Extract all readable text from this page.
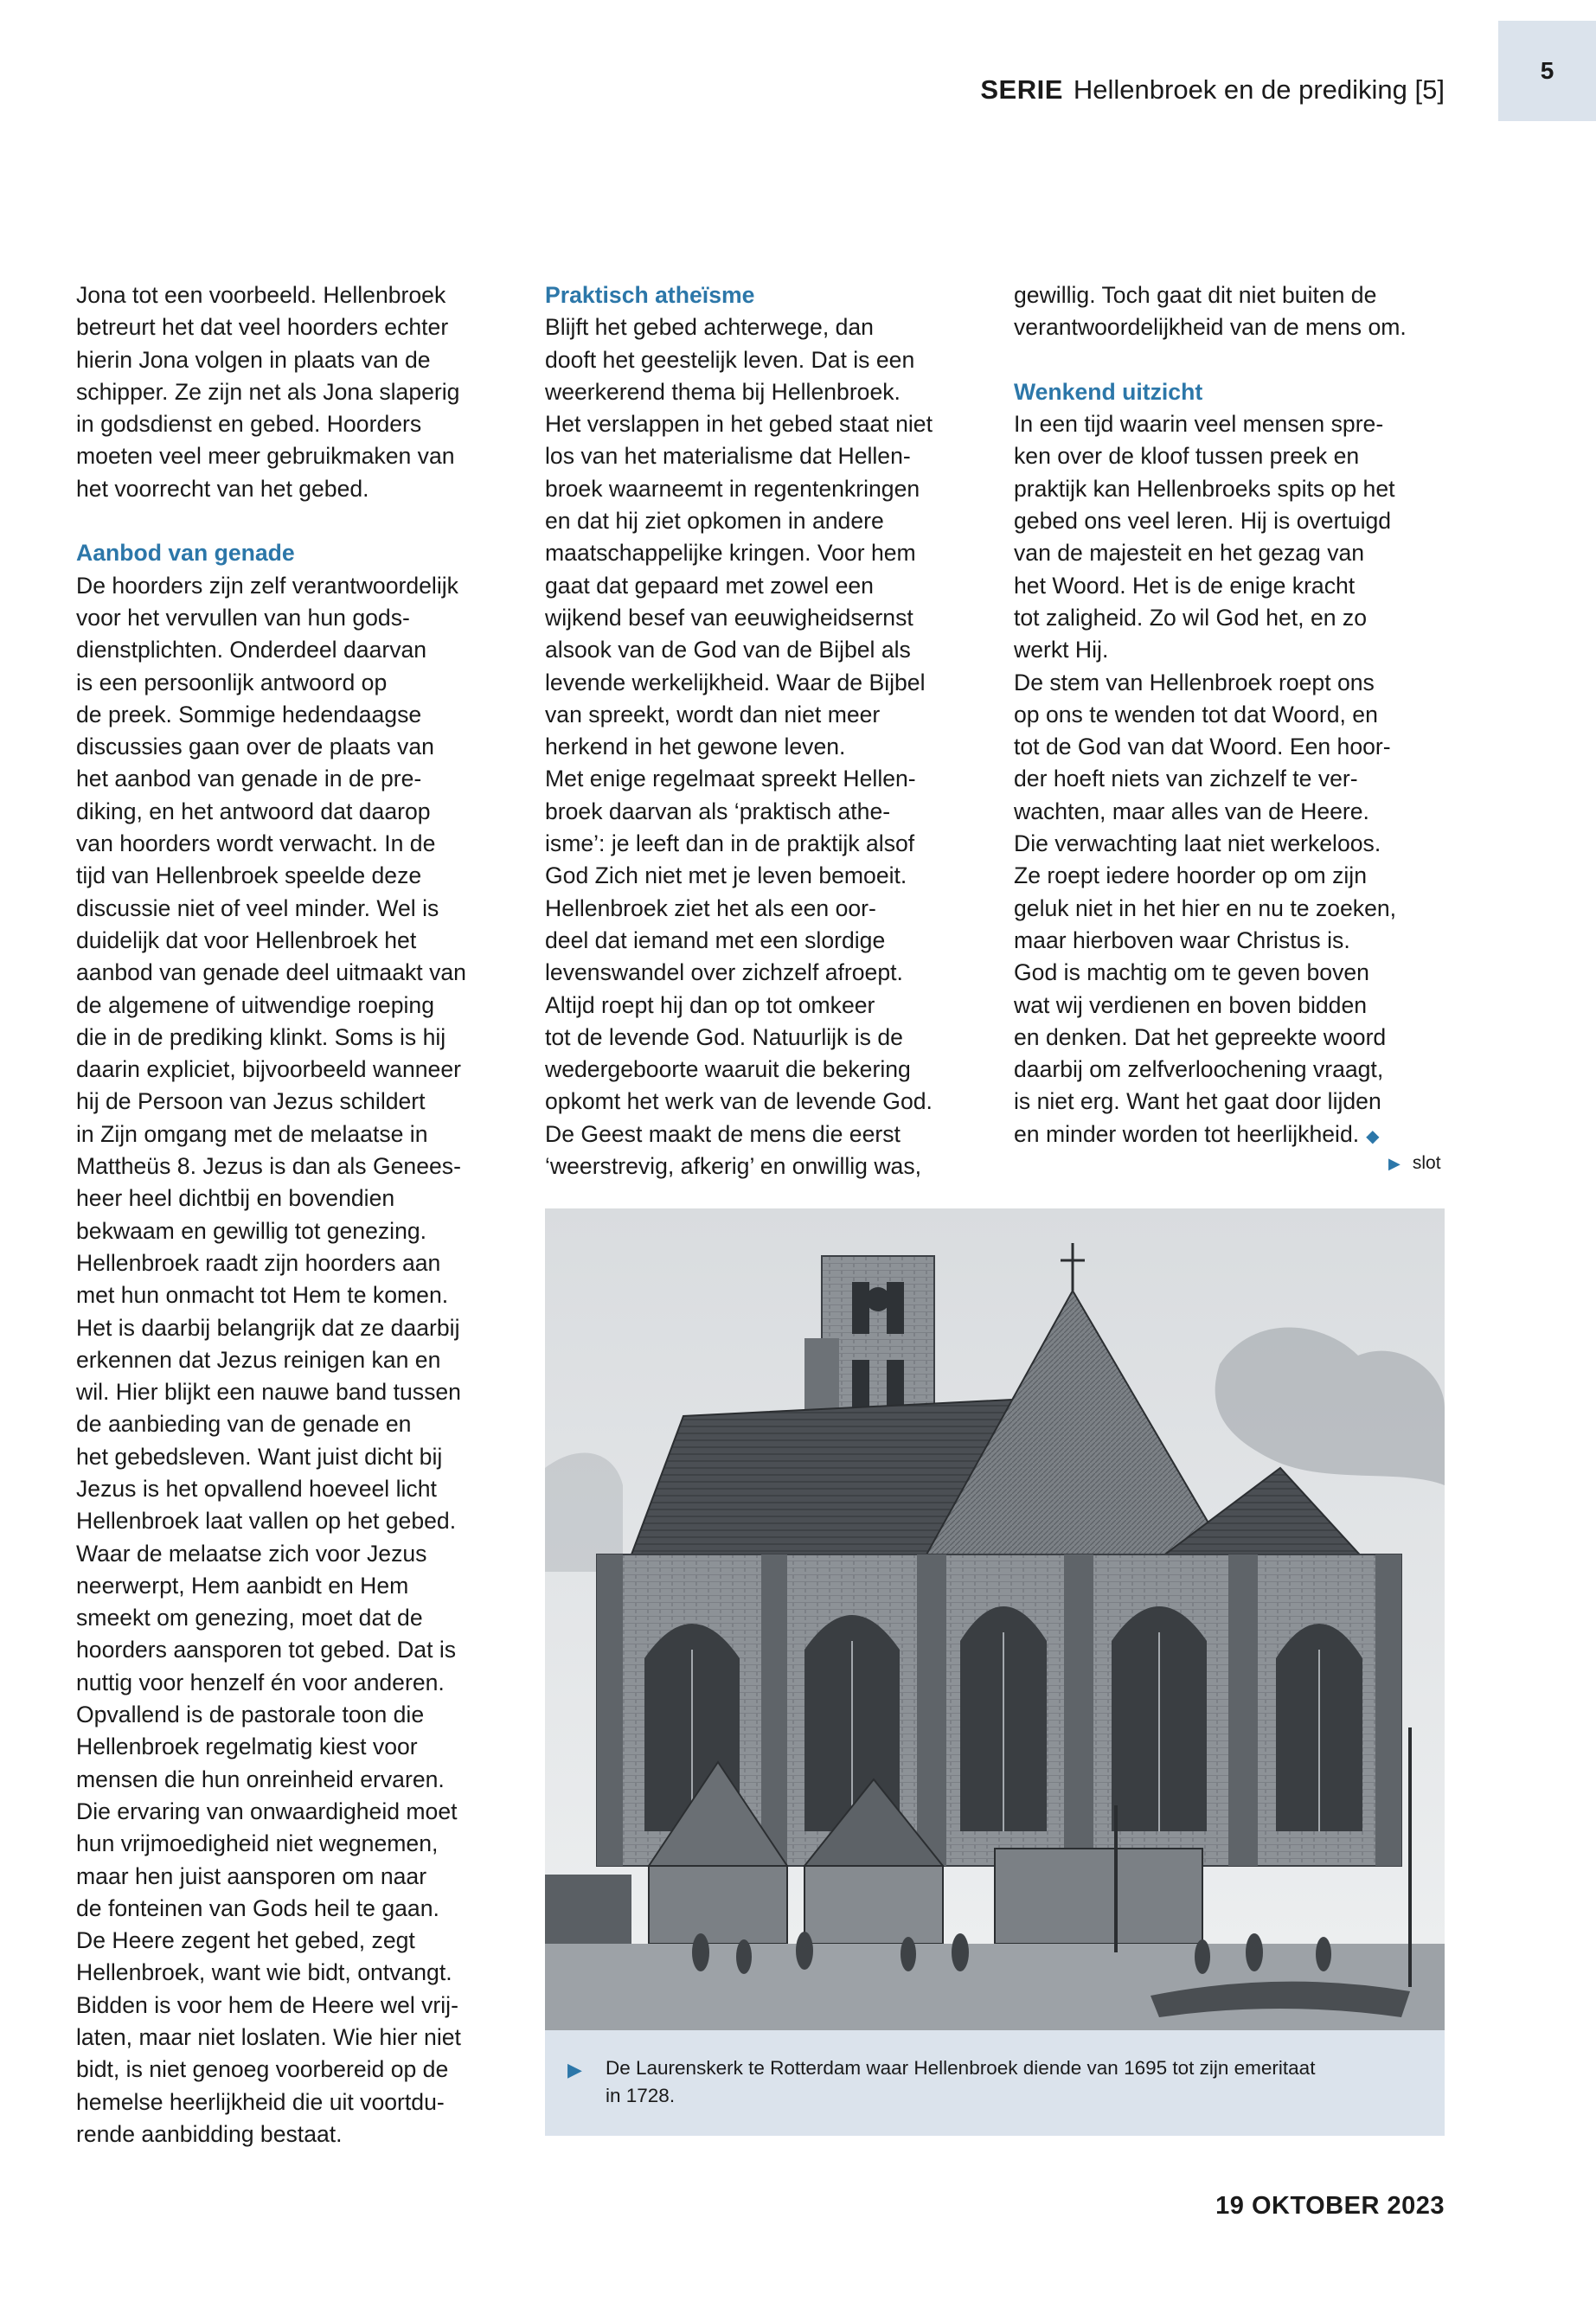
5
SERIE Hellenbroek en de prediking [5]
Jona tot een voorbeeld. Hellenbroek
betreurt het dat veel hoorders echter
hierin Jona volgen in plaats van de
schipper. Ze zijn net als Jona slaperig
in godsdienst en gebed. Hoorders
moeten veel meer gebruikmaken van
het voorrecht van het gebed.
Aanbod van genade
De hoorders zijn zelf verantwoordelijk
voor het vervullen van hun gods-
dienstplichten. Onderdeel daarvan
is een persoonlijk antwoord op
de preek. Sommige hedendaagse
discussies gaan over de plaats van
het aanbod van genade in de pre-
diking, en het antwoord dat daarop
van hoorders wordt verwacht. In de
tijd van Hellenbroek speelde deze
discussie niet of veel minder. Wel is
duidelijk dat voor Hellenbroek het
aanbod van genade deel uitmaakt van
de algemene of uitwendige roeping
die in de prediking klinkt. Soms is hij
daarin expliciet, bijvoorbeeld wanneer
hij de Persoon van Jezus schildert
in Zijn omgang met de melaatse in
Mattheüs 8. Jezus is dan als Genees-
heer heel dichtbij en bovendien
bekwaam en gewillig tot genezing.
Hellenbroek raadt zijn hoorders aan
met hun onmacht tot Hem te komen.
Het is daarbij belangrijk dat ze daarbij
erkennen dat Jezus reinigen kan en
wil. Hier blijkt een nauwe band tussen
de aanbieding van de genade en
het gebedsleven. Want juist dicht bij
Jezus is het opvallend hoeveel licht
Hellenbroek laat vallen op het gebed.
Waar de melaatse zich voor Jezus
neerwerpt, Hem aanbidt en Hem
smeekt om genezing, moet dat de
hoorders aansporen tot gebed. Dat is
nuttig voor henzelf én voor anderen.
Opvallend is de pastorale toon die
Hellenbroek regelmatig kiest voor
mensen die hun onreinheid ervaren.
Die ervaring van onwaardigheid moet
hun vrijmoedigheid niet wegnemen,
maar hen juist aansporen om naar
de fonteinen van Gods heil te gaan.
De Heere zegent het gebed, zegt
Hellenbroek, want wie bidt, ontvangt.
Bidden is voor hem de Heere wel vrij-
laten, maar niet loslaten. Wie hier niet
bidt, is niet genoeg voorbereid op de
hemelse heerlijkheid die uit voortdu-
rende aanbidding bestaat.
Praktisch atheïsme
Blijft het gebed achterwege, dan
dooft het geestelijk leven. Dat is een
weerkerend thema bij Hellenbroek.
Het verslappen in het gebed staat niet
los van het materialisme dat Hellen-
broek waarneemt in regentenkringen
en dat hij ziet opkomen in andere
maatschappelijke kringen. Voor hem
gaat dat gepaard met zowel een
wijkend besef van eeuwigheidsernst
alsook van de God van de Bijbel als
levende werkelijkheid. Waar de Bijbel
van spreekt, wordt dan niet meer
herkend in het gewone leven.
Met enige regelmaat spreekt Hellen-
broek daarvan als ‘praktisch athe-
isme’: je leeft dan in de praktijk alsof
God Zich niet met je leven bemoeit.
Hellenbroek ziet het als een oor-
deel dat iemand met een slordige
levenswandel over zichzelf afroept.
Altijd roept hij dan op tot omkeer
tot de levende God. Natuurlijk is de
wedergeboorte waaruit die bekering
opkomt het werk van de levende God.
De Geest maakt de mens die eerst
‘weerstrevig, afkerig’ en onwillig was,
gewillig. Toch gaat dit niet buiten de
verantwoordelijkheid van de mens om.
Wenkend uitzicht
In een tijd waarin veel mensen spre-
ken over de kloof tussen preek en
praktijk kan Hellenbroeks spits op het
gebed ons veel leren. Hij is overtuigd
van de majesteit en het gezag van
het Woord. Het is de enige kracht
tot zaligheid. Zo wil God het, en zo
werkt Hij.
De stem van Hellenbroek roept ons
op ons te wenden tot dat Woord, en
tot de God van dat Woord. Een hoor-
der hoeft niets van zichzelf te ver-
wachten, maar alles van de Heere.
Die verwachting laat niet werkeloos.
Ze roept iedere hoorder op om zijn
geluk niet in het hier en nu te zoeken,
maar hierboven waar Christus is.
God is machtig om te geven boven
wat wij verdienen en boven bidden
en denken. Dat het gepreekte woord
daarbij om zelfverloochening vraagt,
is niet erg. Want het gaat door lijden
en minder worden tot heerlijkheid. ◆
▶ slot
▶ De Laurenskerk te Rotterdam waar Hellenbroek diende van 1695 tot zijn emeritaat
in 1728.
19 OKTOBER 2023
